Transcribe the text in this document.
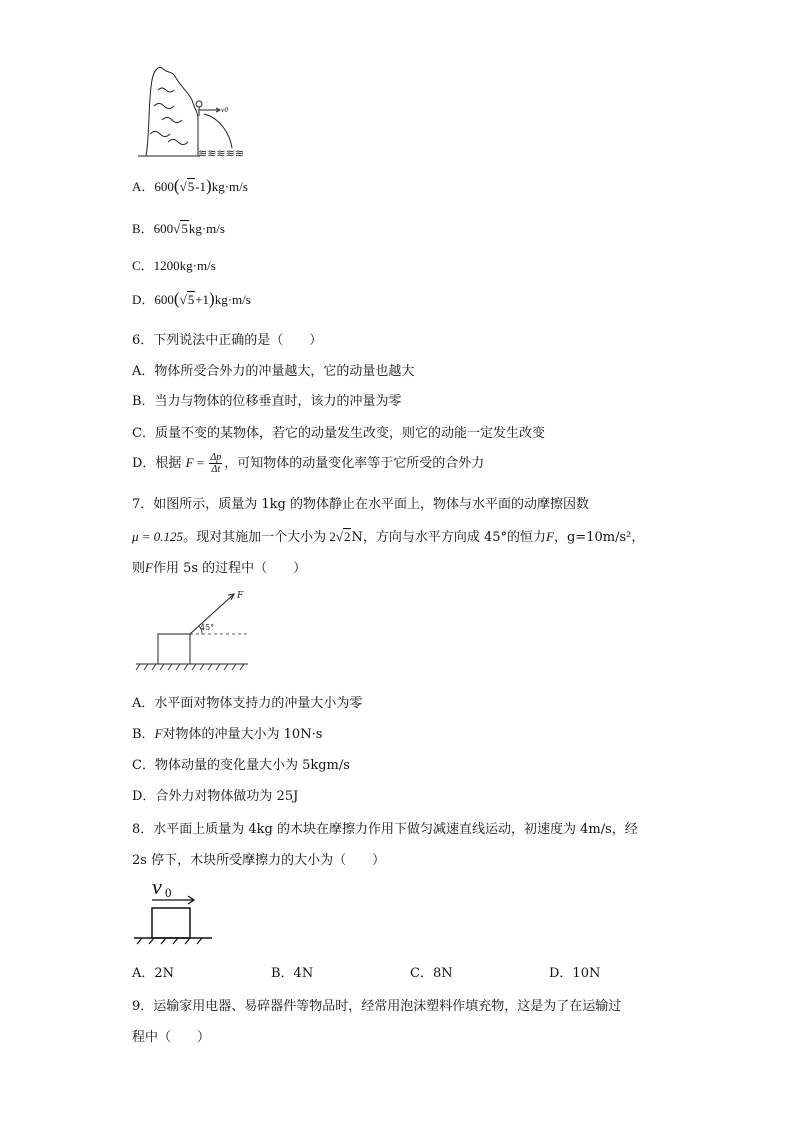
v0
≋≋≋≋≋
A．600(√5-1)kg·m/s
B．600√5kg·m/s
C．1200kg·m/s
D．600(√5+1)kg·m/s
6．下列说法中正确的是（　　）
A．物体所受合外力的冲量越大，它的动量也越大
B．当力与物体的位移垂直时，该力的冲量为零
C．质量不变的某物体，若它的动量发生改变，则它的动能一定发生改变
D．根据 $F = \frac{\Delta p}{\Delta t}$ ，可知物体的动量变化率等于它所受的合外力
7．如图所示，质量为 1kg 的物体静止在水平面上，物体与水平面的动摩擦因数
μ = 0.125。现对其施加一个大小为 2√2N，方向与水平方向成 45°的恒力F，g=10m/s²，
则F作用 5s 的过程中（　　）
F
45°
A．水平面对物体支持力的冲量大小为零
B．F对物体的冲量大小为 10N·s
C．物体动量的变化量大小为 5kgm/s
D．合外力对物体做功为 25J
8．水平面上质量为 4kg 的木块在摩擦力作用下做匀减速直线运动，初速度为 4m/s，经
2s 停下，木块所受摩擦力的大小为（　　）
v 0
A．2N	B．4N	C．8N	D．10N
9．运输家用电器、易碎器件等物品时，经常用泡沫塑料作填充物，这是为了在运输过
程中（　　）
